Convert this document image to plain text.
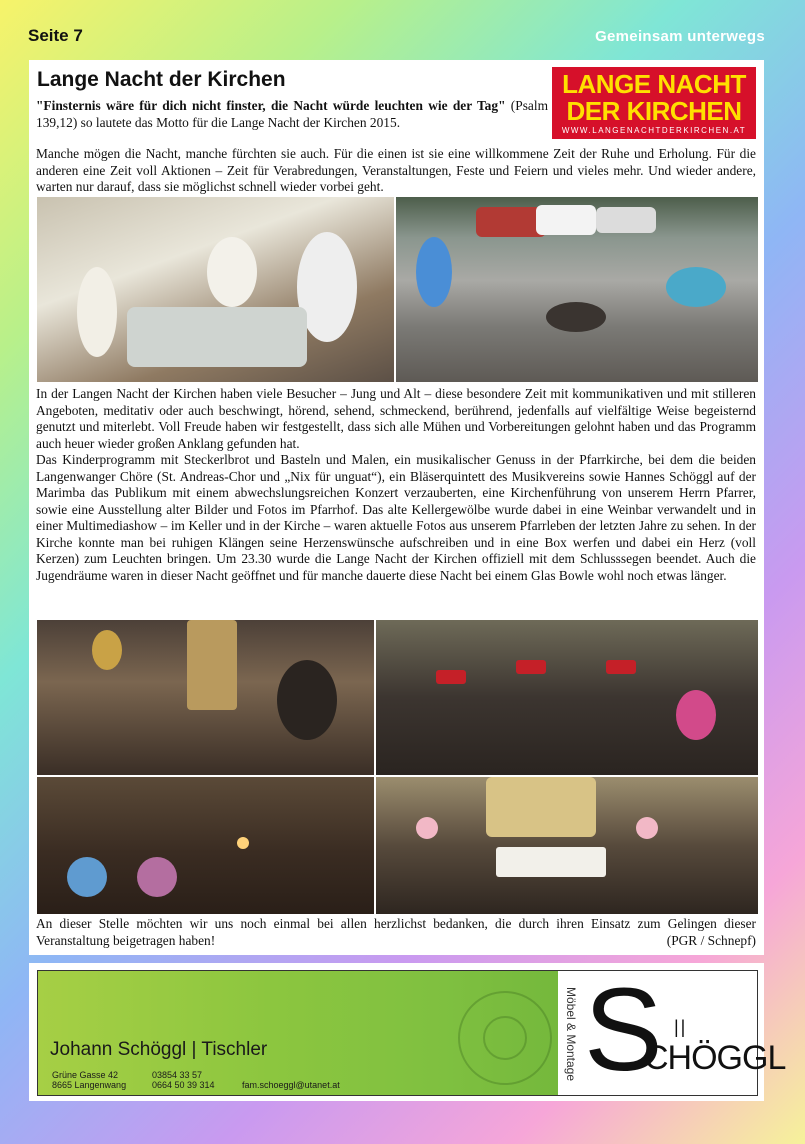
Seite 7	Gemeinsam unterwegs
Lange Nacht der Kirchen	LANGE NACHT
DER KIRCHEN
WWW.LANGENACHTDERKIRCHEN.AT
"Finsternis wäre für dich nicht finster, die Nacht würde leuchten wie der Tag" (Psalm 139,12) so lautete das Motto für die Lange Nacht der Kirchen 2015.
Manche mögen die Nacht, manche fürchten sie auch. Für die einen ist sie eine willkommene Zeit der Ruhe und Erholung. Für die anderen eine Zeit voll Aktionen – Zeit für Verabredungen, Veranstaltungen, Feste und Feiern und vieles mehr. Und wieder andere, warten nur darauf, dass sie möglichst schnell wieder vorbei geht.
In der Langen Nacht der Kirchen haben viele Besucher – Jung und Alt – diese besondere Zeit mit kommunikativen und mit stilleren Angeboten, meditativ oder auch beschwingt, hörend, sehend, schmeckend, berührend, jedenfalls auf vielfältige Weise begeisternd genutzt und miterlebt. Voll Freude haben wir festgestellt, dass sich alle Mühen und Vorbereitungen gelohnt haben und das Programm auch heuer wieder großen Anklang gefunden hat.
Das Kinderprogramm mit Steckerlbrot und Basteln und Malen, ein musikalischer Genuss in der Pfarrkirche, bei dem die beiden Langenwanger Chöre (St. Andreas-Chor und „Nix für unguat“), ein Bläserquintett des Musikvereins sowie Hannes Schöggl auf der Marimba das Publikum mit einem abwechslungsreichen Konzert verzauberten, eine Kirchenführung von unserem Herrn Pfarrer, sowie eine Ausstellung alter Bilder und Fotos im Pfarrhof. Das alte Kellergewölbe wurde dabei in eine Weinbar verwandelt und in einer Multimediashow – im Keller und in der Kirche – waren aktuelle Fotos aus unserem Pfarrleben der letzten Jahre zu sehen. In der Kirche konnte man bei ruhigen Klängen seine Herzenswünsche aufschreiben und in eine Box werfen und dabei ein Herz (voll Kerzen) zum Leuchten bringen. Um 23.30 wurde die Lange Nacht der Kirchen offiziell mit dem Schlusssegen beendet. Auch die Jugendräume waren in dieser Nacht geöffnet und für manche dauerte diese Nacht bei einem Glas Bowle wohl noch etwas länger.
An dieser Stelle möchten wir uns noch einmal bei allen herzlichst bedanken, die durch ihren Einsatz zum Gelingen dieser Veranstaltung beigetragen haben!	(PGR / Schnepf)
Johann Schöggl | Tischler
Grüne Gasse 42
8665 Langenwang
03854 33 57
0664 50 39 314	fam.schoeggl@utanet.at
Möbel & Montage S ||
CHÖGGL
